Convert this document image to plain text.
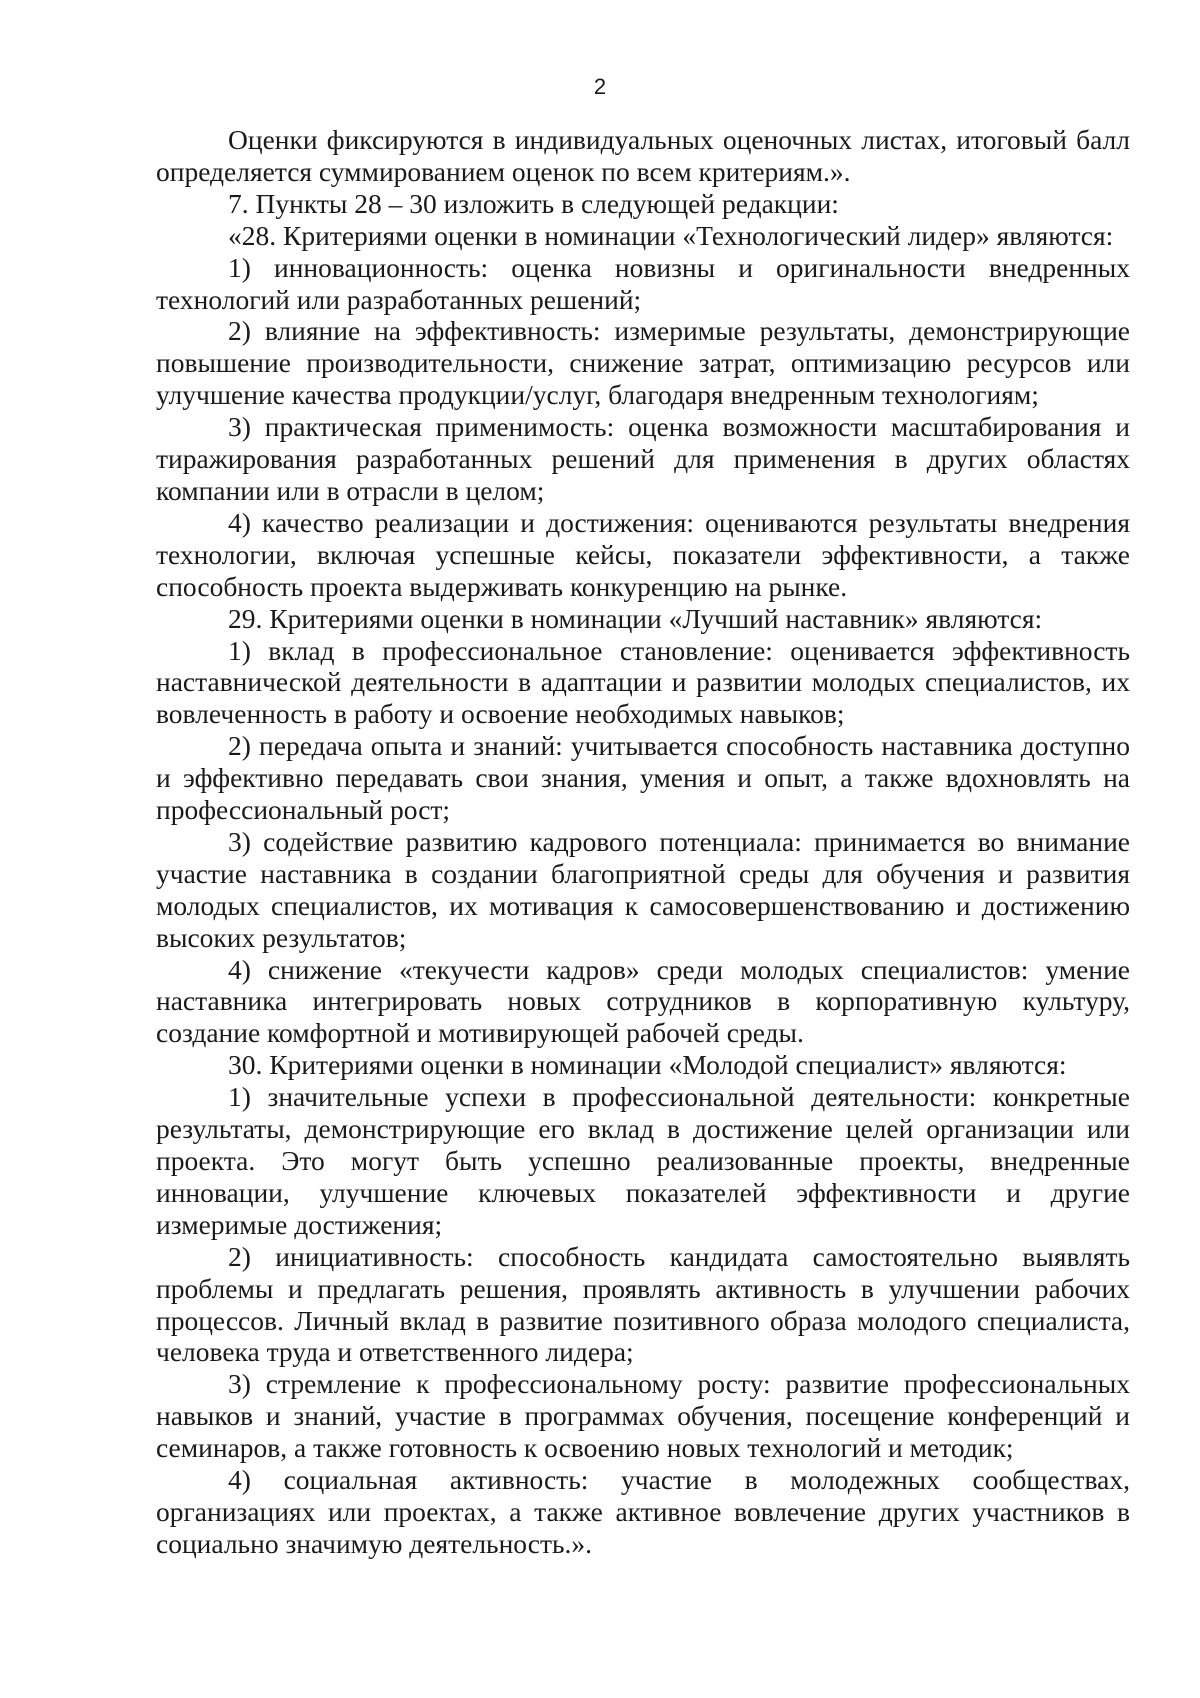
2

Оценки фиксируются в индивидуальных оценочных листах, итоговый балл определяется суммированием оценок по всем критериям.».

7. Пункты 28 – 30 изложить в следующей редакции:

«28. Критериями оценки в номинации «Технологический лидер» являются:

1) инновационность: оценка новизны и оригинальности внедренных технологий или разработанных решений;

2) влияние на эффективность: измеримые результаты, демонстрирующие повышение производительности, снижение затрат, оптимизацию ресурсов или улучшение качества продукции/услуг, благодаря внедренным технологиям;

3) практическая применимость: оценка возможности масштабирования и тиражирования разработанных решений для применения в других областях компании или в отрасли в целом;

4) качество реализации и достижения: оцениваются результаты внедрения технологии, включая успешные кейсы, показатели эффективности, а также способность проекта выдерживать конкуренцию на рынке.

29. Критериями оценки в номинации «Лучший наставник» являются:

1) вклад в профессиональное становление: оценивается эффективность наставнической деятельности в адаптации и развитии молодых специалистов, их вовлеченность в работу и освоение необходимых навыков;

2) передача опыта и знаний: учитывается способность наставника доступно и эффективно передавать свои знания, умения и опыт, а также вдохновлять на профессиональный рост;

3) содействие развитию кадрового потенциала: принимается во внимание участие наставника в создании благоприятной среды для обучения и развития молодых специалистов, их мотивация к самосовершенствованию и достижению высоких результатов;

4) снижение «текучести кадров» среди молодых специалистов: умение наставника интегрировать новых сотрудников в корпоративную культуру, создание комфортной и мотивирующей рабочей среды.

30. Критериями оценки в номинации «Молодой специалист» являются:

1) значительные успехи в профессиональной деятельности: конкретные результаты, демонстрирующие его вклад в достижение целей организации или проекта. Это могут быть успешно реализованные проекты, внедренные инновации, улучшение ключевых показателей эффективности и другие измеримые достижения;

2) инициативность: способность кандидата самостоятельно выявлять проблемы и предлагать решения, проявлять активность в улучшении рабочих процессов. Личный вклад в развитие позитивного образа молодого специалиста, человека труда и ответственного лидера;

3) стремление к профессиональному росту: развитие профессиональных навыков и знаний, участие в программах обучения, посещение конференций и семинаров, а также готовность к освоению новых технологий и методик;

4) социальная активность: участие в молодежных сообществах, организациях или проектах, а также активное вовлечение других участников в социально значимую деятельность.».
